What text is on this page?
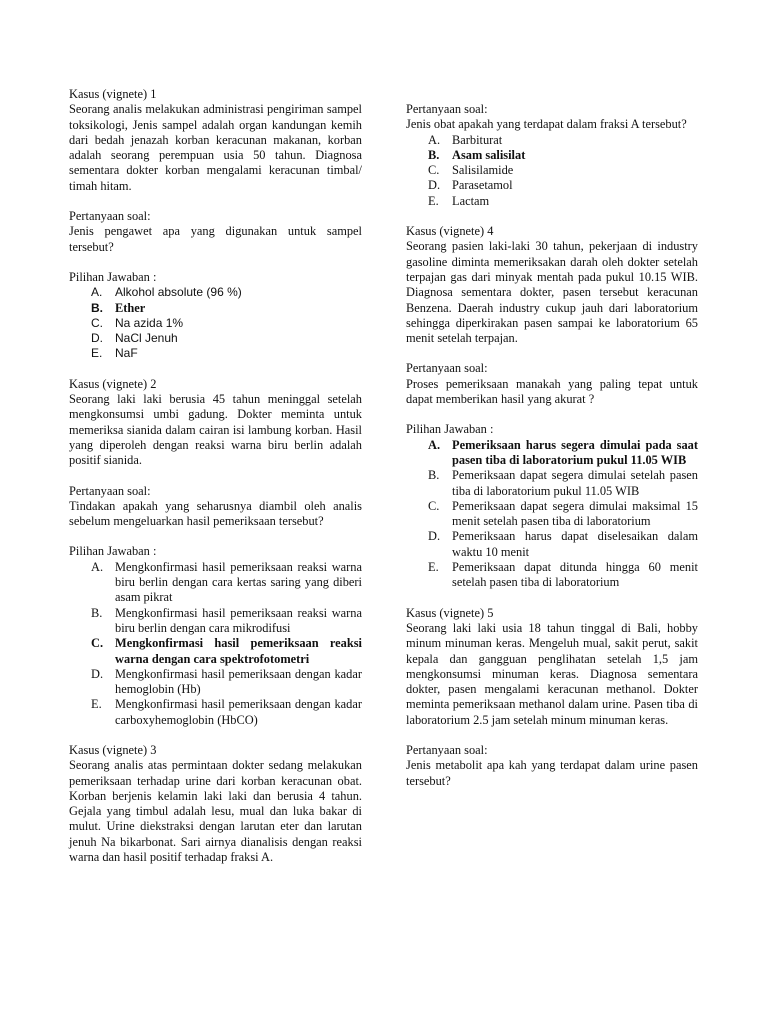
Kasus (vignete) 1

Seorang analis melakukan administrasi pengiriman sampel toksikologi, Jenis sampel adalah organ kandungan kemih dari bedah jenazah korban keracunan makanan, korban adalah seorang perempuan usia 50 tahun. Diagnosa sementara dokter korban mengalami keracunan timbal/ timah hitam.

Pertanyaan soal:

Jenis pengawet apa yang digunakan untuk sampel tersebut?

Pilihan Jawaban :

A. Alkohol absolute (96 %)
B. Ether
C. Na azida 1%
D. NaCl Jenuh
E. NaF

Kasus (vignete) 2

Seorang laki laki berusia 45 tahun meninggal setelah mengkonsumsi umbi gadung. Dokter meminta untuk memeriksa sianida dalam cairan isi lambung korban. Hasil yang diperoleh dengan reaksi warna biru berlin adalah positif sianida.

Pertanyaan soal:

Tindakan apakah yang seharusnya diambil oleh analis sebelum mengeluarkan hasil pemeriksaan tersebut?

Pilihan Jawaban :

A. Mengkonfirmasi hasil pemeriksaan reaksi warna biru berlin dengan cara kertas saring yang diberi asam pikrat
B. Mengkonfirmasi hasil pemeriksaan reaksi warna biru berlin dengan cara mikrodifusi
C. Mengkonfirmasi hasil pemeriksaan reaksi warna dengan cara spektrofotometri
D. Mengkonfirmasi hasil pemeriksaan dengan kadar hemoglobin (Hb)
E. Mengkonfirmasi hasil pemeriksaan dengan kadar carboxyhemoglobin (HbCO)

Kasus (vignete) 3

Seorang analis atas permintaan dokter sedang melakukan pemeriksaan terhadap urine dari korban keracunan obat. Korban berjenis kelamin laki laki dan berusia 4 tahun. Gejala yang timbul adalah lesu, mual dan luka bakar di mulut. Urine diekstraksi dengan larutan eter dan larutan jenuh Na bikarbonat. Sari airnya dianalisis dengan reaksi warna dan hasil positif terhadap fraksi A.

Pertanyaan soal:

Jenis obat apakah yang terdapat dalam fraksi A tersebut?

A. Barbiturat
B. Asam salisilat
C. Salisilamide
D. Parasetamol
E. Lactam

Kasus (vignete) 4

Seorang pasien laki-laki 30 tahun, pekerjaan di industry gasoline diminta memeriksakan darah oleh dokter setelah terpajan gas dari minyak mentah pada pukul 10.15 WIB. Diagnosa sementara dokter, pasen tersebut keracunan Benzena. Daerah industry cukup jauh dari laboratorium sehingga diperkirakan pasen sampai ke laboratorium 65 menit setelah terpajan.

Pertanyaan soal:

Proses pemeriksaan manakah yang paling tepat untuk dapat memberikan hasil yang akurat ?

Pilihan Jawaban :

A. Pemeriksaan harus segera dimulai pada saat pasen tiba di laboratorium pukul 11.05 WIB
B. Pemeriksaan dapat segera dimulai setelah pasen tiba di laboratorium pukul 11.05 WIB
C. Pemeriksaan dapat segera dimulai maksimal 15 menit setelah pasen tiba di laboratorium
D. Pemeriksaan harus dapat diselesaikan dalam waktu 10 menit
E. Pemeriksaan dapat ditunda hingga 60 menit setelah pasen tiba di laboratorium

Kasus (vignete) 5

Seorang laki laki usia 18 tahun tinggal di Bali, hobby minum minuman keras. Mengeluh mual, sakit perut, sakit kepala dan gangguan penglihatan setelah 1,5 jam mengkonsumsi minuman keras. Diagnosa sementara dokter, pasen mengalami keracunan methanol. Dokter meminta pemeriksaan methanol dalam urine. Pasen tiba di laboratorium 2.5 jam setelah minum minuman keras.

Pertanyaan soal:

Jenis metabolit apa kah yang terdapat dalam urine pasen tersebut?
